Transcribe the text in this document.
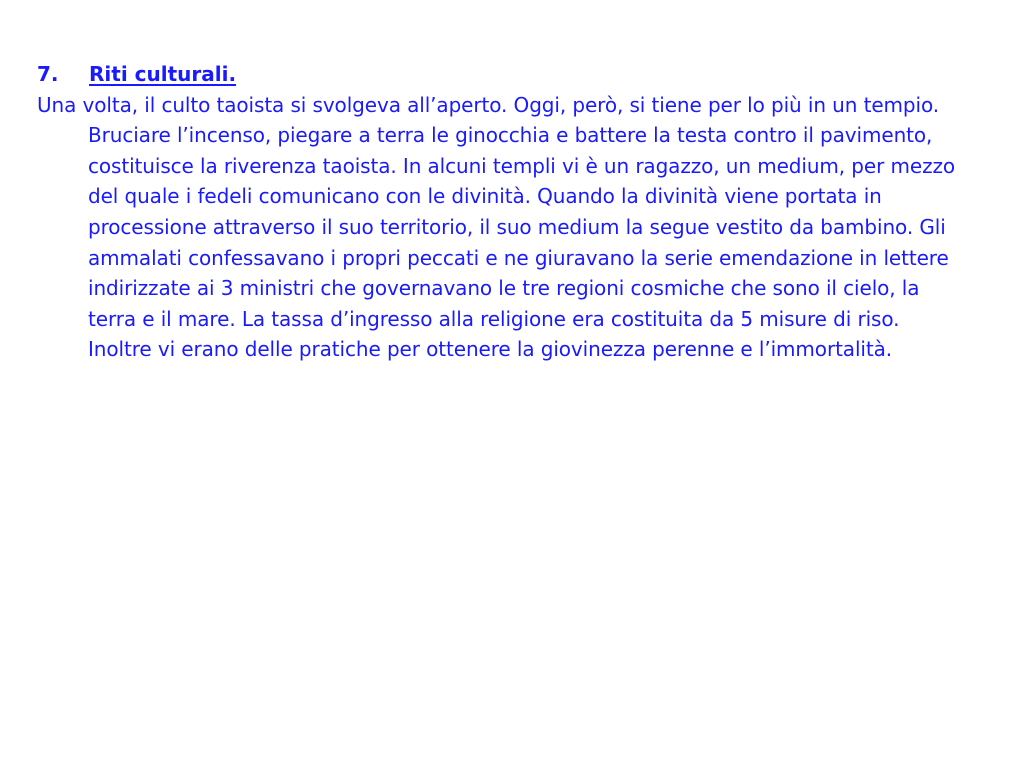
7. Riti culturali.

Una volta, il culto taoista si svolgeva all’aperto. Oggi, però, si tiene per lo più in un tempio. Bruciare l’incenso, piegare a terra le ginocchia e battere la testa contro il pavimento, costituisce la riverenza taoista. In alcuni templi vi è un ragazzo, un medium, per mezzo del quale i fedeli comunicano con le divinità. Quando la divinità viene portata in processione attraverso il suo territorio, il suo medium la segue vestito da bambino. Gli ammalati confessavano i propri peccati e ne giuravano la serie emendazione in lettere indirizzate ai 3 ministri che governavano le tre regioni cosmiche che sono il cielo, la terra e il mare. La tassa d’ingresso alla religione era costituita da 5 misure di riso. Inoltre vi erano delle pratiche per ottenere la giovinezza perenne e l’immortalità.
